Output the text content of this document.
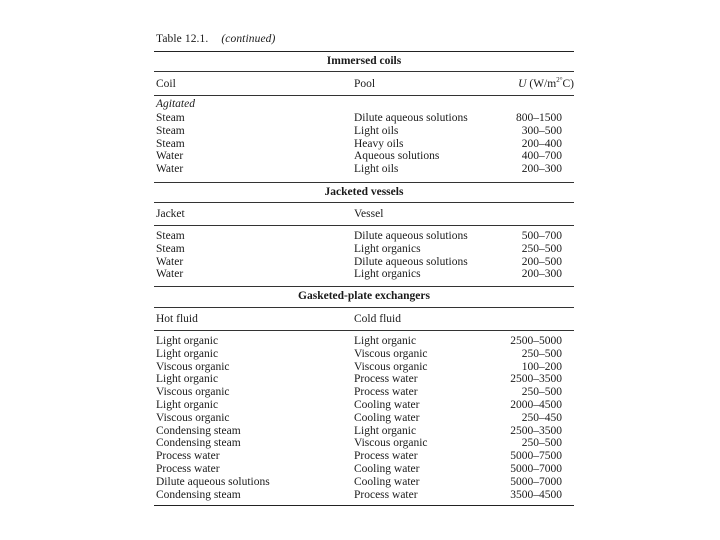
Table 12.1. (continued)
Immersed coils
Coil	Pool	U $(W/m^{2^\circ}C)$
Agitated
Steam	Dilute aqueous solutions	800–1500
Steam	Light oils	300–500
Steam	Heavy oils	200–400
Water	Aqueous solutions	400–700
Water	Light oils	200–300
Jacketed vessels
Jacket	Vessel
Steam	Dilute aqueous solutions	500–700
Steam	Light organics	250–500
Water	Dilute aqueous solutions	200–500
Water	Light organics	200–300
Gasketed-plate exchangers
Hot fluid	Cold fluid
Light organic	Light organic	2500–5000
Light organic	Viscous organic	250–500
Viscous organic	Viscous organic	100–200
Light organic	Process water	2500–3500
Viscous organic	Process water	250–500
Light organic	Cooling water	2000–4500
Viscous organic	Cooling water	250–450
Condensing steam	Light organic	2500–3500
Condensing steam	Viscous organic	250–500
Process water	Process water	5000–7500
Process water	Cooling water	5000–7000
Dilute aqueous solutions	Cooling water	5000–7000
Condensing steam	Process water	3500–4500
